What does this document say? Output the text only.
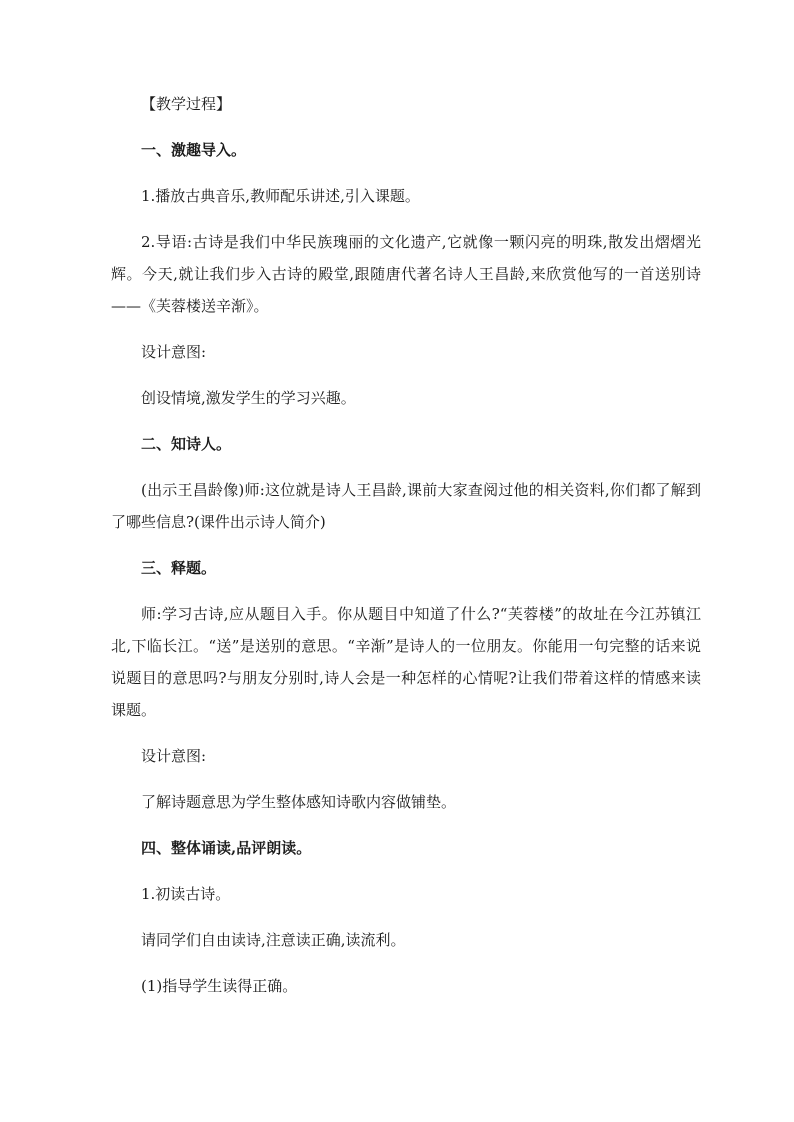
【教学过程】

一、激趣导入。

1.播放古典音乐,教师配乐讲述,引入课题。

2.导语:古诗是我们中华民族瑰丽的文化遗产,它就像一颗闪亮的明珠,散发出熠熠光辉。今天,就让我们步入古诗的殿堂,跟随唐代著名诗人王昌龄,来欣赏他写的一首送别诗——《芙蓉楼送辛渐》。

设计意图:

创设情境,激发学生的学习兴趣。

二、知诗人。

(出示王昌龄像)师:这位就是诗人王昌龄,课前大家查阅过他的相关资料,你们都了解到了哪些信息?(课件出示诗人简介)

三、释题。

师:学习古诗,应从题目入手。你从题目中知道了什么?“芙蓉楼”的故址在今江苏镇江北,下临长江。“送”是送别的意思。“辛渐”是诗人的一位朋友。你能用一句完整的话来说说题目的意思吗?与朋友分别时,诗人会是一种怎样的心情呢?让我们带着这样的情感来读课题。

设计意图:

了解诗题意思为学生整体感知诗歌内容做铺垫。

四、整体诵读,品评朗读。

1.初读古诗。

请同学们自由读诗,注意读正确,读流利。

(1)指导学生读得正确。
